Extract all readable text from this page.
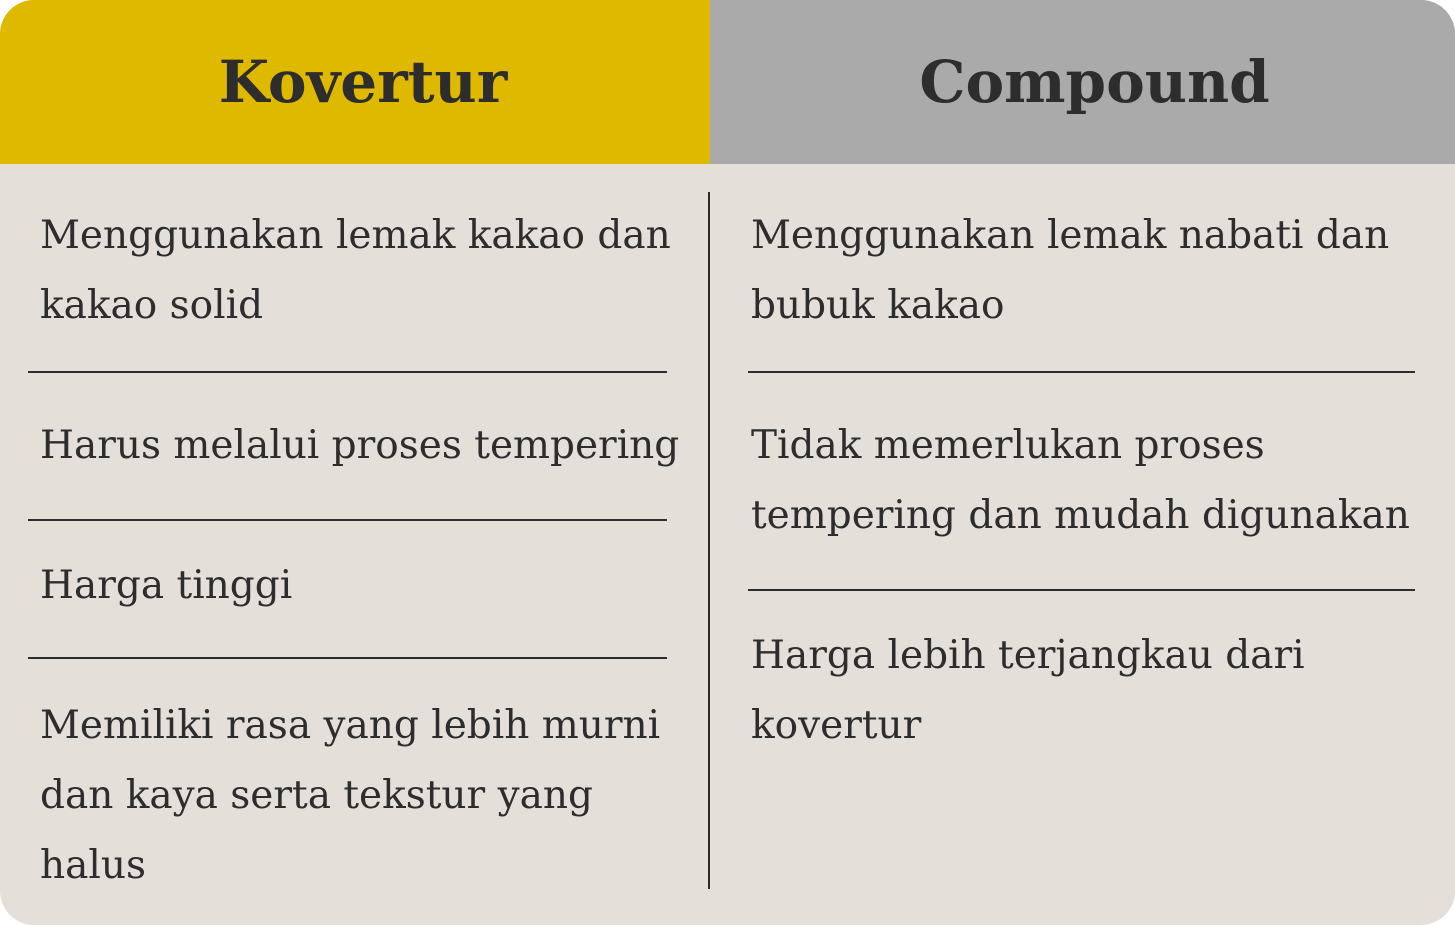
Kovertur	Compound
Menggunakan lemak kakao dan
kakao solid
Harus melalui proses tempering
Harga tinggi
Memiliki rasa yang lebih murni
dan kaya serta tekstur yang
halus
Menggunakan lemak nabati dan
bubuk kakao
Tidak memerlukan proses
tempering dan mudah digunakan
Harga lebih terjangkau dari
kovertur
